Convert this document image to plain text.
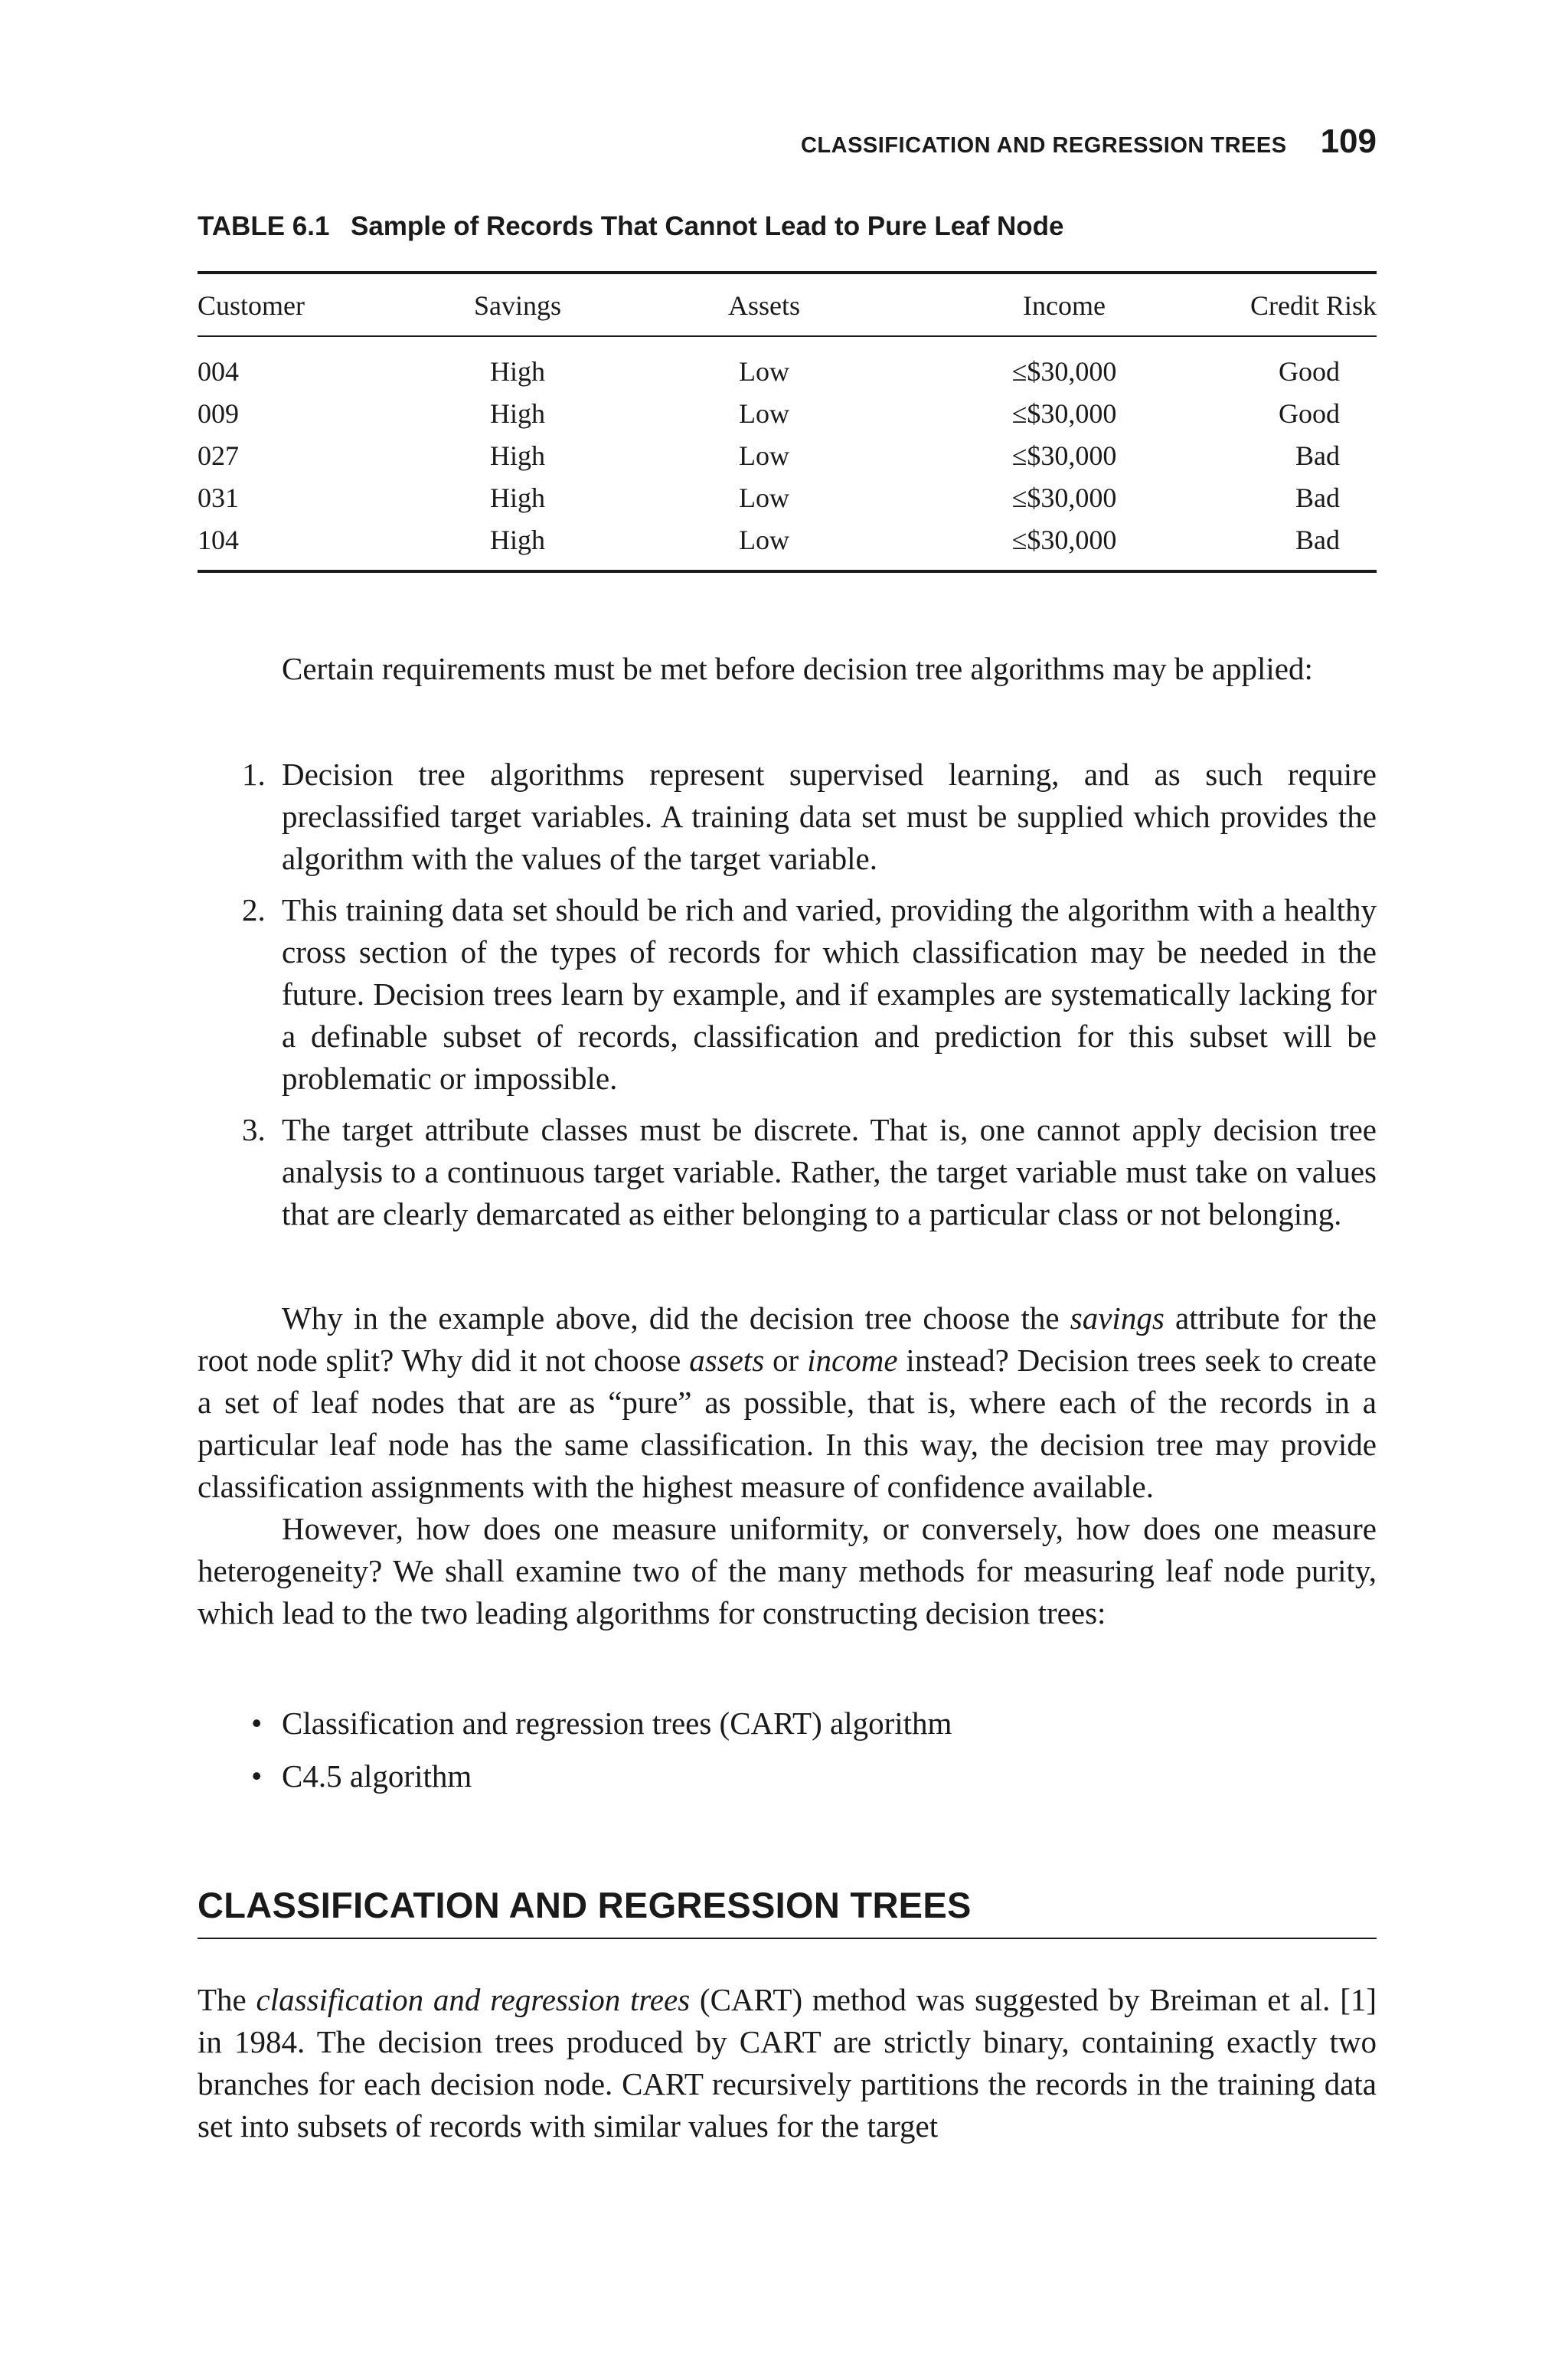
CLASSIFICATION AND REGRESSION TREES 109
TABLE 6.1 Sample of Records That Cannot Lead to Pure Leaf Node
Customer	Savings	Assets	Income	Credit Risk
004	High	Low	≤$30,000	Good
009	High	Low	≤$30,000	Good
027	High	Low	≤$30,000	Bad
031	High	Low	≤$30,000	Bad
104	High	Low	≤$30,000	Bad

Certain requirements must be met before decision tree algorithms may be applied:

1. Decision tree algorithms represent supervised learning, and as such require preclassified target variables. A training data set must be supplied which provides the algorithm with the values of the target variable.
2. This training data set should be rich and varied, providing the algorithm with a healthy cross section of the types of records for which classification may be needed in the future. Decision trees learn by example, and if examples are systematically lacking for a definable subset of records, classification and prediction for this subset will be problematic or impossible.
3. The target attribute classes must be discrete. That is, one cannot apply decision tree analysis to a continuous target variable. Rather, the target variable must take on values that are clearly demarcated as either belonging to a particular class or not belonging.

Why in the example above, did the decision tree choose the savings attribute for the root node split? Why did it not choose assets or income instead? Decision trees seek to create a set of leaf nodes that are as “pure” as possible, that is, where each of the records in a particular leaf node has the same classification. In this way, the decision tree may provide classification assignments with the highest measure of confidence available.

However, how does one measure uniformity, or conversely, how does one measure heterogeneity? We shall examine two of the many methods for measuring leaf node purity, which lead to the two leading algorithms for constructing decision trees:

• Classification and regression trees (CART) algorithm
• C4.5 algorithm
CLASSIFICATION AND REGRESSION TREES

The classification and regression trees (CART) method was suggested by Breiman et al. [1] in 1984. The decision trees produced by CART are strictly binary, containing exactly two branches for each decision node. CART recursively partitions the records in the training data set into subsets of records with similar values for the target
